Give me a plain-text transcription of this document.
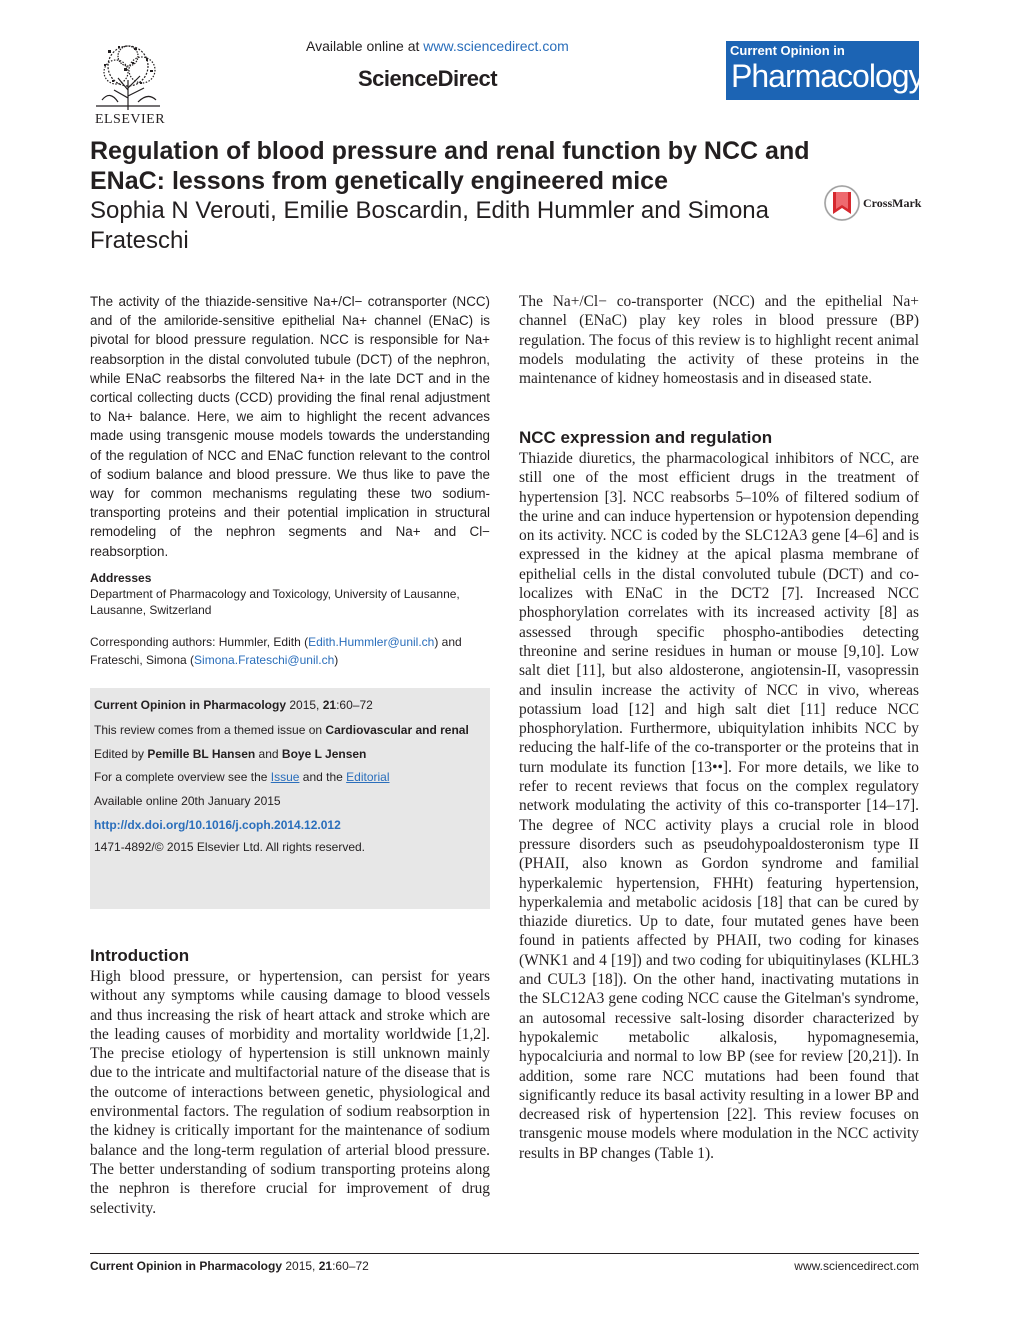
ELSEVIER
Available online at www.sciencedirect.com
ScienceDirect
Current Opinion in
Pharmacology
Regulation of blood pressure and renal function by NCC and ENaC: lessons from genetically engineered mice
Sophia N Verouti, Emilie Boscardin, Edith Hummler and Simona Frateschi
CrossMark
The activity of the thiazide-sensitive Na+/Cl− cotransporter (NCC) and of the amiloride-sensitive epithelial Na+ channel (ENaC) is pivotal for blood pressure regulation. NCC is responsible for Na+ reabsorption in the distal convoluted tubule (DCT) of the nephron, while ENaC reabsorbs the filtered Na+ in the late DCT and in the cortical collecting ducts (CCD) providing the final renal adjustment to Na+ balance. Here, we aim to highlight the recent advances made using transgenic mouse models towards the understanding of the regulation of NCC and ENaC function relevant to the control of sodium balance and blood pressure. We thus like to pave the way for common mechanisms regulating these two sodium-transporting proteins and their potential implication in structural remodeling of the nephron segments and Na+ and Cl− reabsorption.
Addresses
Department of Pharmacology and Toxicology, University of Lausanne, Lausanne, Switzerland
Corresponding authors: Hummler, Edith (Edith.Hummler@unil.ch) and Frateschi, Simona (Simona.Frateschi@unil.ch)
Current Opinion in Pharmacology 2015, 21:60–72
This review comes from a themed issue on Cardiovascular and renal
Edited by Pemille BL Hansen and Boye L Jensen
For a complete overview see the Issue and the Editorial
Available online 20th January 2015
http://dx.doi.org/10.1016/j.coph.2014.12.012
1471-4892/© 2015 Elsevier Ltd. All rights reserved.
Introduction
High blood pressure, or hypertension, can persist for years without any symptoms while causing damage to blood vessels and thus increasing the risk of heart attack and stroke which are the leading causes of morbidity and mortality worldwide [1,2]. The precise etiology of hypertension is still unknown mainly due to the intricate and multifactorial nature of the disease that is the outcome of interactions between genetic, physiological and environmental factors. The regulation of sodium reabsorption in the kidney is critically important for the maintenance of sodium balance and the long-term regulation of arterial blood pressure. The better understanding of sodium transporting proteins along the nephron is therefore crucial for improvement of drug selectivity.
The Na+/Cl− co-transporter (NCC) and the epithelial Na+ channel (ENaC) play key roles in blood pressure (BP) regulation. The focus of this review is to highlight recent animal models modulating the activity of these proteins in the maintenance of kidney homeostasis and in diseased state.
NCC expression and regulation
Thiazide diuretics, the pharmacological inhibitors of NCC, are still one of the most efficient drugs in the treatment of hypertension [3]. NCC reabsorbs 5–10% of filtered sodium of the urine and can induce hypertension or hypotension depending on its activity. NCC is coded by the SLC12A3 gene [4–6] and is expressed in the kidney at the apical plasma membrane of epithelial cells in the distal convoluted tubule (DCT) and co-localizes with ENaC in the DCT2 [7]. Increased NCC phosphorylation correlates with its increased activity [8] as assessed through specific phospho-antibodies detecting threonine and serine residues in human or mouse [9,10]. Low salt diet [11], but also aldosterone, angiotensin-II, vasopressin and insulin increase the activity of NCC in vivo, whereas potassium load [12] and high salt diet [11] reduce NCC phosphorylation. Furthermore, ubiquitylation inhibits NCC by reducing the half-life of the co-transporter or the proteins that in turn modulate its function [13••]. For more details, we like to refer to recent reviews that focus on the complex regulatory network modulating the activity of this co-transporter [14–17]. The degree of NCC activity plays a crucial role in blood pressure disorders such as pseudohypoaldosteronism type II (PHAII, also known as Gordon syndrome and familial hyperkalemic hypertension, FHHt) featuring hypertension, hyperkalemia and metabolic acidosis [18] that can be cured by thiazide diuretics. Up to date, four mutated genes have been found in patients affected by PHAII, two coding for kinases (WNK1 and 4 [19]) and two coding for ubiquitinylases (KLHL3 and CUL3 [18]). On the other hand, inactivating mutations in the SLC12A3 gene coding NCC cause the Gitelman's syndrome, an autosomal recessive salt-losing disorder characterized by hypokalemic metabolic alkalosis, hypomagnesemia, hypocalciuria and normal to low BP (see for review [20,21]). In addition, some rare NCC mutations had been found that significantly reduce its basal activity resulting in a lower BP and decreased risk of hypertension [22]. This review focuses on transgenic mouse models where modulation in the NCC activity results in BP changes (Table 1).
Current Opinion in Pharmacology 2015, 21:60–72	www.sciencedirect.com
